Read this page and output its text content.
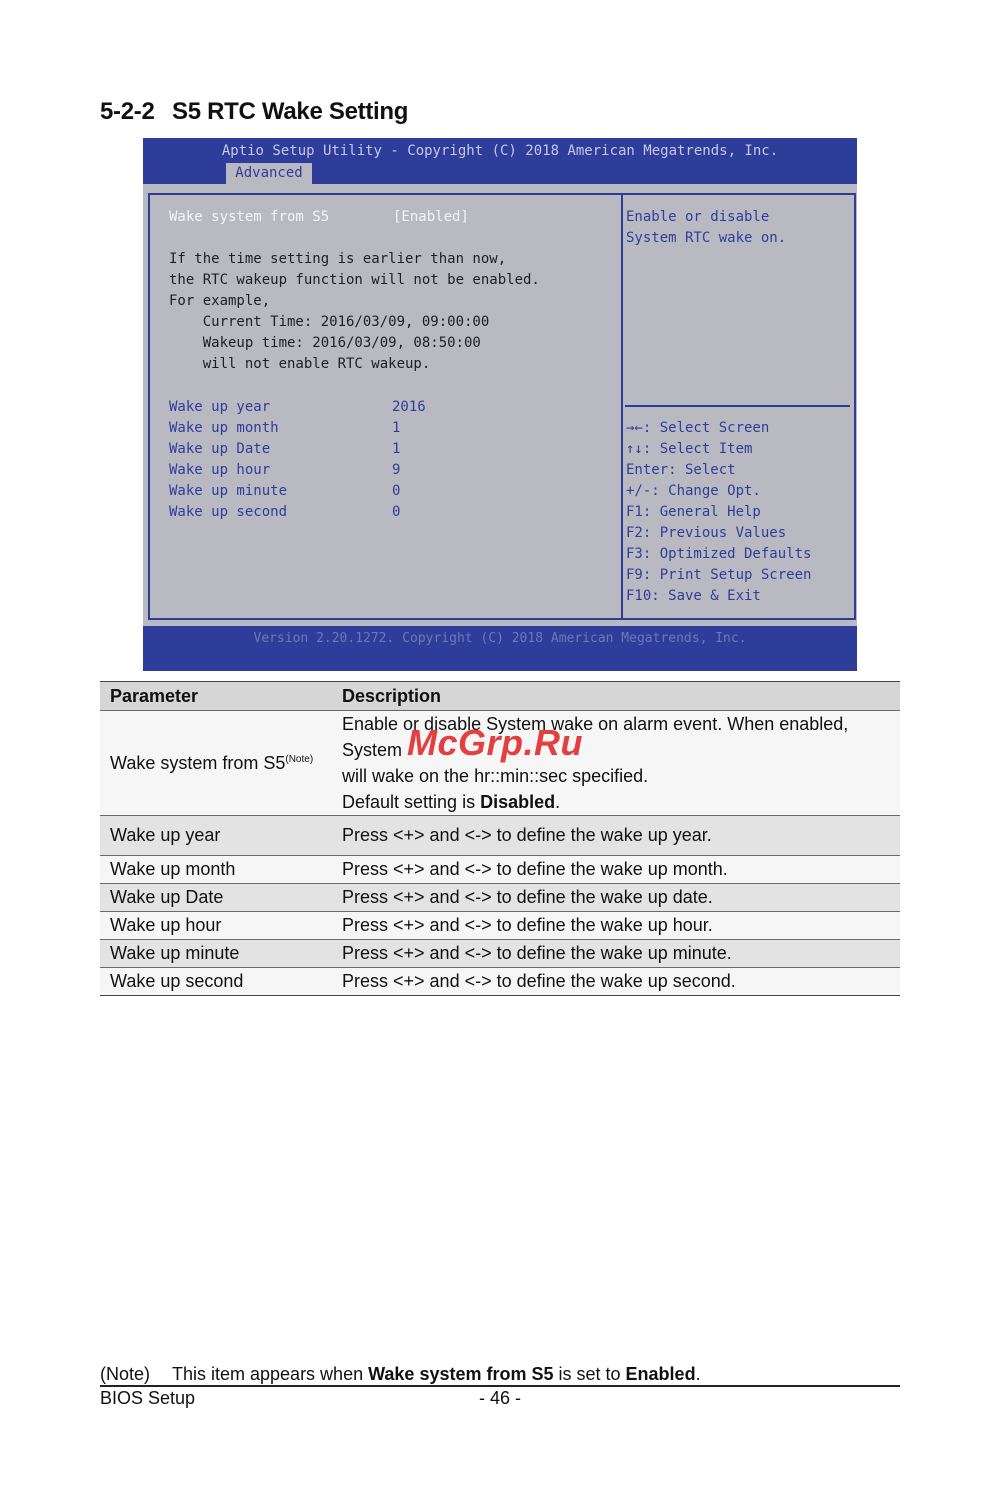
5-2-2 S5 RTC Wake Setting
Aptio Setup Utility - Copyright (C) 2018 American Megatrends, Inc.
Advanced
Wake system from S5	[Enabled]
If the time setting is earlier than now,
the RTC wakeup function will not be enabled.
For example,
Current Time: 2016/03/09, 09:00:00
Wakeup time: 2016/03/09, 08:50:00
will not enable RTC wakeup.
Wake up year	2016
Wake up month	1
Wake up Date	1
Wake up hour	9
Wake up minute	0
Wake up second	0
Enable or disable
System RTC wake on.
→←: Select Screen
↑↓: Select Item
Enter: Select
+/-: Change Opt.
F1: General Help
F2: Previous Values
F3: Optimized Defaults
F9: Print Setup Screen
F10: Save & Exit
Version 2.20.1272. Copyright (C) 2018 American Megatrends, Inc.
Parameter	Description
Wake system from $S5^{(Note)}$	Enable or disable System wake on alarm event. When enabled, System
will wake on the hr::min::sec specified.
Default setting is Disabled.

Wake up year	Press <+> and <-> to define the wake up year.
Wake up month	Press <+> and <-> to define the wake up month.
Wake up Date	Press <+> and <-> to define the wake up date.
Wake up hour	Press <+> and <-> to define the wake up hour.
Wake up minute	Press <+> and <-> to define the wake up minute.
Wake up second	Press <+> and <-> to define the wake up second.
McGrp.Ru
(Note) This item appears when Wake system from S5 is set to Enabled.
BIOS Setup	- 46 -
